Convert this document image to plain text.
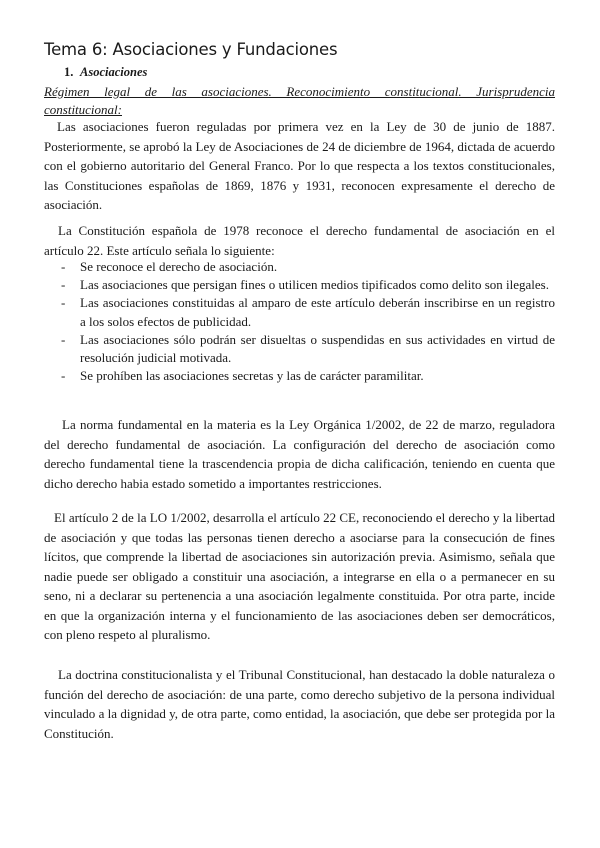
Tema 6: Asociaciones y Fundaciones
1. Asociaciones
Régimen legal de las asociaciones. Reconocimiento constitucional. Jurisprudencia constitucional:

Las asociaciones fueron reguladas por primera vez en la Ley de 30 de junio de 1887. Posteriormente, se aprobó la Ley de Asociaciones de 24 de diciembre de 1964, dictada de acuerdo con el gobierno autoritario del General Franco. Por lo que respecta a los textos constitucionales, las Constituciones españolas de 1869, 1876 y 1931, reconocen expresamente el derecho de asociación.

La Constitución española de 1978 reconoce el derecho fundamental de asociación en el artículo 22. Este artículo señala lo siguiente:

- Se reconoce el derecho de asociación.
- Las asociaciones que persigan fines o utilicen medios tipificados como delito son ilegales.
- Las asociaciones constituidas al amparo de este artículo deberán inscribirse en un registro a los solos efectos de publicidad.
- Las asociaciones sólo podrán ser disueltas o suspendidas en sus actividades en virtud de resolución judicial motivada.
- Se prohíben las asociaciones secretas y las de carácter paramilitar.

La norma fundamental en la materia es la Ley Orgánica 1/2002, de 22 de marzo, reguladora del derecho fundamental de asociación. La configuración del derecho de asociación como derecho fundamental tiene la trascendencia propia de dicha calificación, teniendo en cuenta que dicho derecho habia estado sometido a importantes restricciones.

El artículo 2 de la LO 1/2002, desarrolla el artículo 22 CE, reconociendo el derecho y la libertad de asociación y que todas las personas tienen derecho a asociarse para la consecución de fines lícitos, que comprende la libertad de asociaciones sin autorización previa. Asimismo, señala que nadie puede ser obligado a constituir una asociación, a integrarse en ella o a permanecer en su seno, ni a declarar su pertenencia a una asociación legalmente constituida. Por otra parte, incide en que la organización interna y el funcionamiento de las asociaciones deben ser democráticos, con pleno respeto al pluralismo.

La doctrina constitucionalista y el Tribunal Constitucional, han destacado la doble naturaleza o función del derecho de asociación: de una parte, como derecho subjetivo de la persona individual vinculado a la dignidad y, de otra parte, como entidad, la asociación, que debe ser protegida por la Constitución.
